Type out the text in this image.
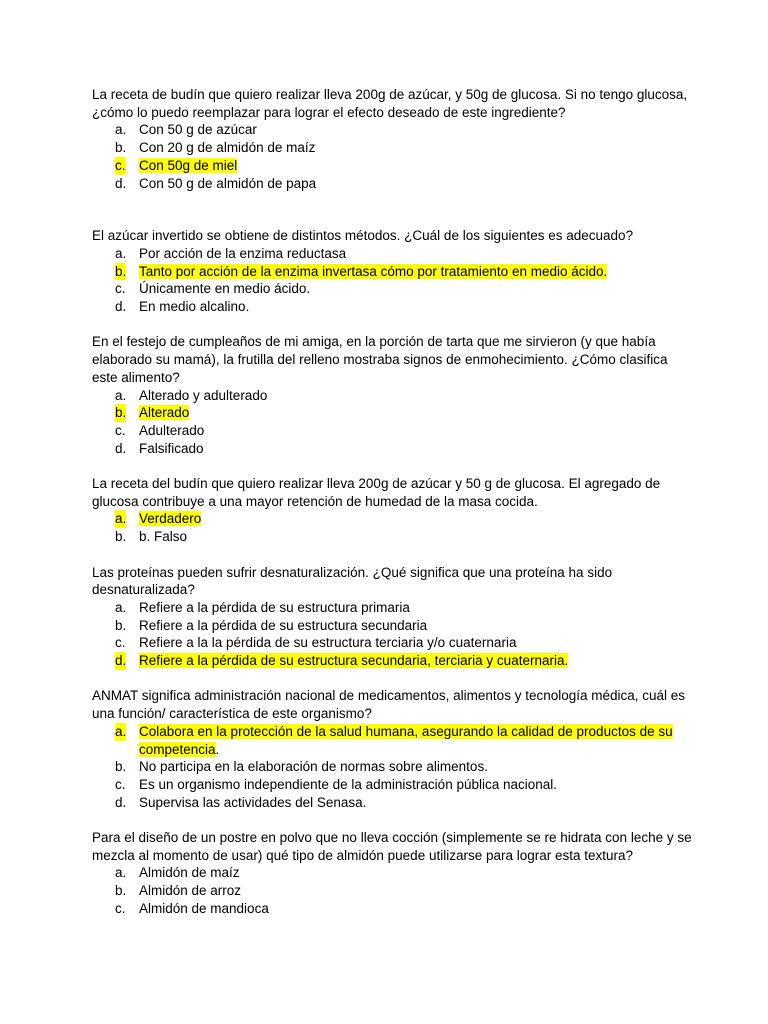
La receta de budín que quiero realizar lleva 200g de azúcar, y 50g de glucosa. Si no tengo glucosa, ¿cómo lo puedo reemplazar para lograr el efecto deseado de este ingrediente?

a. Con 50 g de azúcar
b. Con 20 g de almidón de maíz
c. Con 50g de miel
d. Con 50 g de almidón de papa

El azúcar invertido se obtiene de distintos métodos. ¿Cuál de los siguientes es adecuado?

a. Por acción de la enzima reductasa
b. Tanto por acción de la enzima invertasa cómo por tratamiento en medio ácido.
c. Únicamente en medio ácido.
d. En medio alcalino.

En el festejo de cumpleaños de mi amiga, en la porción de tarta que me sirvieron (y que había elaborado su mamá), la frutilla del relleno mostraba signos de enmohecimiento. ¿Cómo clasifica este alimento?

a. Alterado y adulterado
b. Alterado
c. Adulterado
d. Falsificado

La receta del budín que quiero realizar lleva 200g de azúcar y 50 g de glucosa. El agregado de glucosa contribuye a una mayor retención de humedad de la masa cocida.

a. Verdadero
b. b. Falso

Las proteínas pueden sufrir desnaturalización. ¿Qué significa que una proteína ha sido desnaturalizada?

a. Refiere a la pérdida de su estructura primaria
b. Refiere a la pérdida de su estructura secundaria
c. Refiere a la la pérdida de su estructura terciaria y/o cuaternaria
d. Refiere a la pérdida de su estructura secundaria, terciaria y cuaternaria.

ANMAT significa administración nacional de medicamentos, alimentos y tecnología médica, cuál es una función/ característica de este organismo?

a. Colabora en la protección de la salud humana, asegurando la calidad de productos de su competencia.
b. No participa en la elaboración de normas sobre alimentos.
c. Es un organismo independiente de la administración pública nacional.
d. Supervisa las actividades del Senasa.

Para el diseño de un postre en polvo que no lleva cocción (simplemente se re hidrata con leche y se mezcla al momento de usar) qué tipo de almidón puede utilizarse para lograr esta textura?

a. Almidón de maíz
b. Almidón de arroz
c. Almidón de mandioca
